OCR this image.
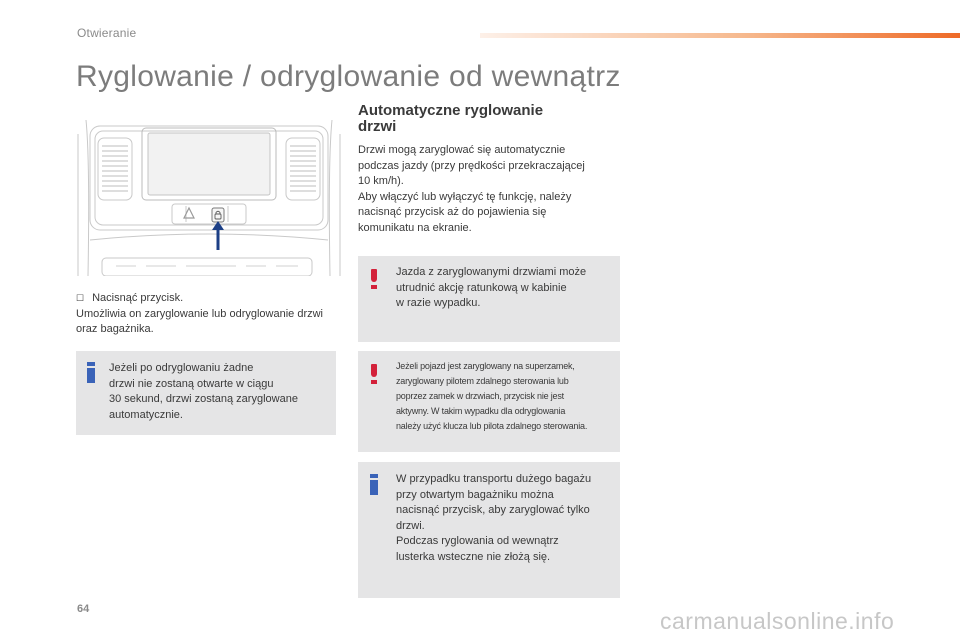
Otwieranie
Ryglowanie / odryglowanie od wewnątrz

☐ Nacisnąć przycisk.

Umożliwia on zaryglowanie lub odryglowanie drzwi oraz bagażnika.

Jeżeli po odryglowaniu żadne
drzwi nie zostaną otwarte w ciągu
30 sekund, drzwi zostaną zaryglowane
automatycznie.
Automatyczne ryglowanie
drzwi

Drzwi mogą zaryglować się automatycznie

podczas jazdy (przy prędkości przekraczającej

10 km/h).

Aby włączyć lub wyłączyć tę funkcję, należy

nacisnąć przycisk aż do pojawienia się

komunikatu na ekranie.

Jazda z zaryglowanymi drzwiami może
utrudnić akcję ratunkową w kabinie
w razie wypadku.
Jeżeli pojazd jest zaryglowany na superzamek,
zaryglowany pilotem zdalnego sterowania lub
poprzez zamek w drzwiach, przycisk nie jest
aktywny. W takim wypadku dla odryglowania
należy użyć klucza lub pilota zdalnego sterowania.
W przypadku transportu dużego bagażu
przy otwartym bagażniku można
nacisnąć przycisk, aby zaryglować tylko
drzwi.
Podczas ryglowania od wewnątrz
lusterka wsteczne nie złożą się.
64	carmanualsonline.info
